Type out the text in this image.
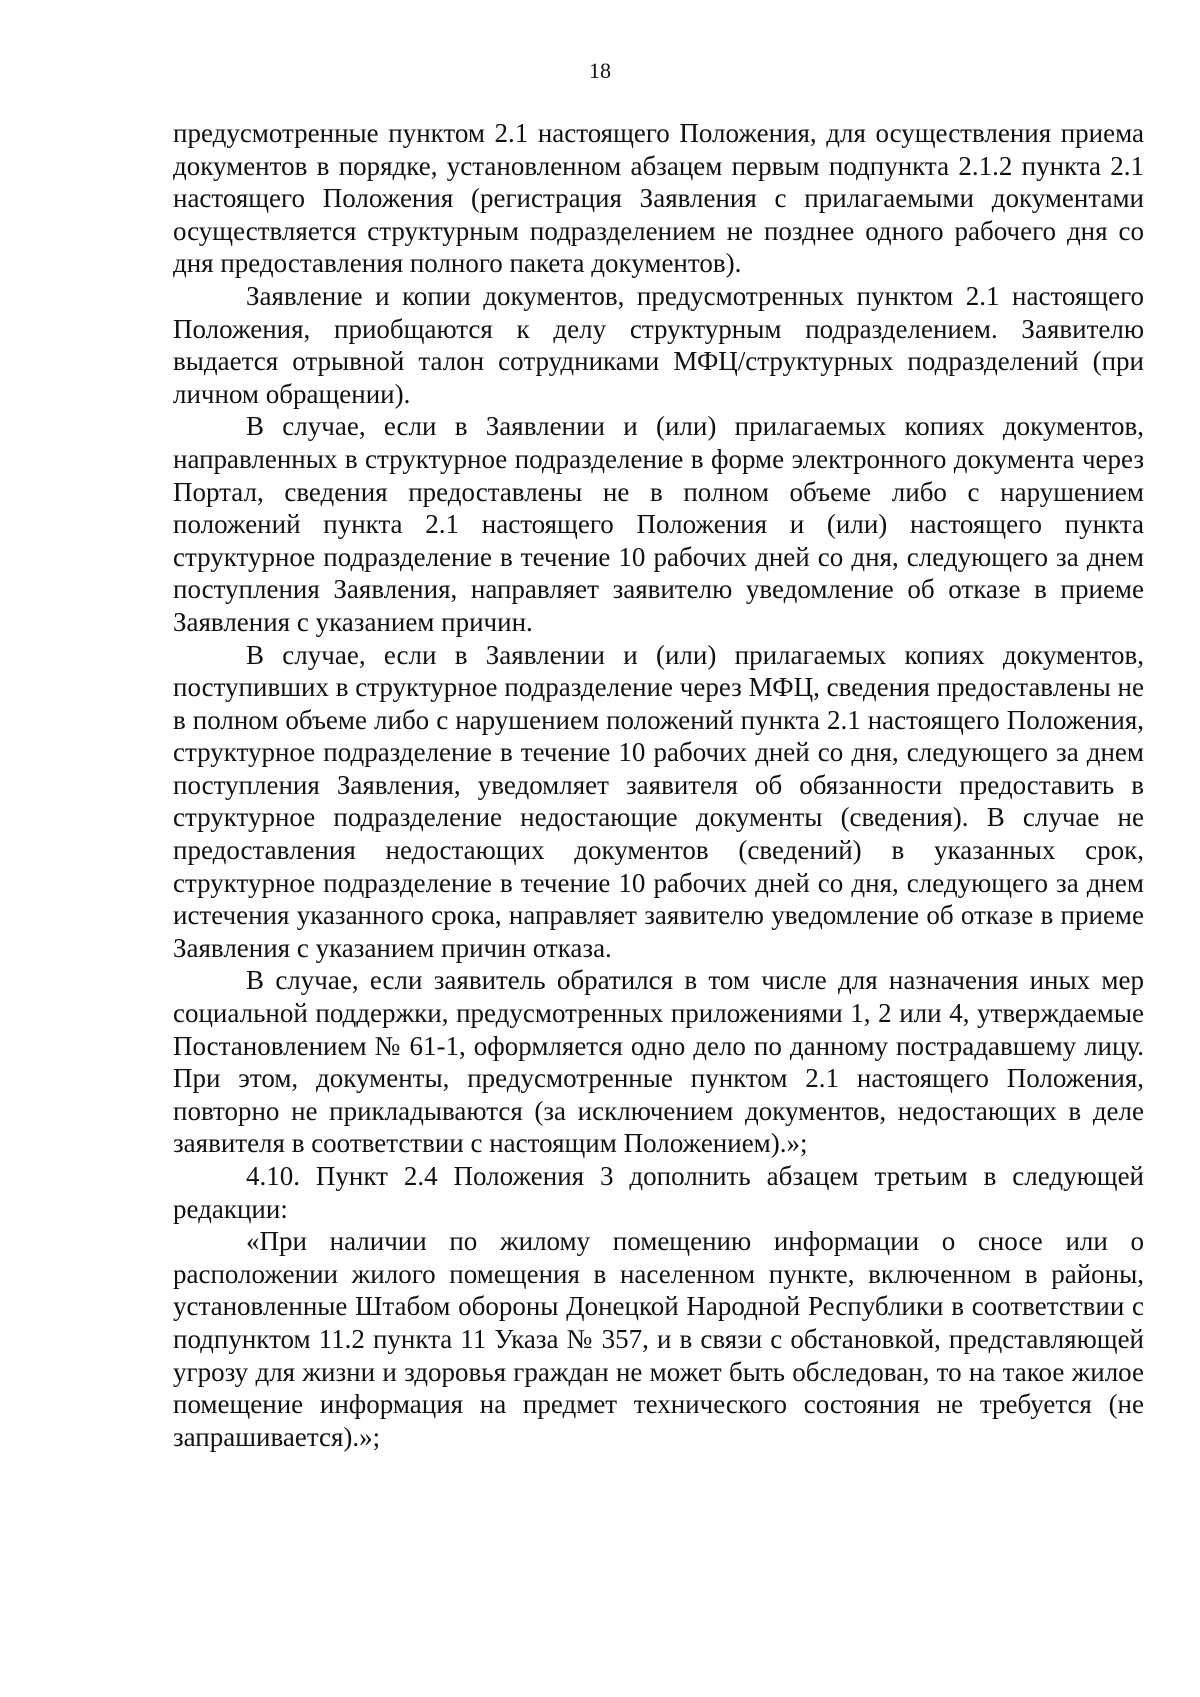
18

предусмотренные пунктом 2.1 настоящего Положения, для осуществления приема документов в порядке, установленном абзацем первым подпункта 2.1.2 пункта 2.1 настоящего Положения (регистрация Заявления с прилагаемыми документами осуществляется структурным подразделением не позднее одного рабочего дня со дня предоставления полного пакета документов).

Заявление и копии документов, предусмотренных пунктом 2.1 настоящего Положения, приобщаются к делу структурным подразделением. Заявителю выдается отрывной талон сотрудниками МФЦ/структурных подразделений (при личном обращении).

В случае, если в Заявлении и (или) прилагаемых копиях документов, направленных в структурное подразделение в форме электронного документа через Портал, сведения предоставлены не в полном объеме либо с нарушением положений пункта 2.1 настоящего Положения и (или) настоящего пункта структурное подразделение в течение 10 рабочих дней со дня, следующего за днем поступления Заявления, направляет заявителю уведомление об отказе в приеме Заявления с указанием причин.

В случае, если в Заявлении и (или) прилагаемых копиях документов, поступивших в структурное подразделение через МФЦ, сведения предоставлены не в полном объеме либо с нарушением положений пункта 2.1 настоящего Положения, структурное подразделение в течение 10 рабочих дней со дня, следующего за днем поступления Заявления, уведомляет заявителя об обязанности предоставить в структурное подразделение недостающие документы (сведения). В случае не предоставления недостающих документов (сведений) в указанных срок, структурное подразделение в течение 10 рабочих дней со дня, следующего за днем истечения указанного срока, направляет заявителю уведомление об отказе в приеме Заявления с указанием причин отказа.

В случае, если заявитель обратился в том числе для назначения иных мер социальной поддержки, предусмотренных приложениями 1, 2 или 4, утверждаемые Постановлением № 61-1, оформляется одно дело по данному пострадавшему лицу. При этом, документы, предусмотренные пунктом 2.1 настоящего Положения, повторно не прикладываются (за исключением документов, недостающих в деле заявителя в соответствии с настоящим Положением).»;

4.10. Пункт 2.4 Положения 3 дополнить абзацем третьим в следующей редакции:

«При наличии по жилому помещению информации о сносе или о расположении жилого помещения в населенном пункте, включенном в районы, установленные Штабом обороны Донецкой Народной Республики в соответствии с подпунктом 11.2 пункта 11 Указа № 357, и в связи с обстановкой, представляющей угрозу для жизни и здоровья граждан не может быть обследован, то на такое жилое помещение информация на предмет технического состояния не требуется (не запрашивается).»;
